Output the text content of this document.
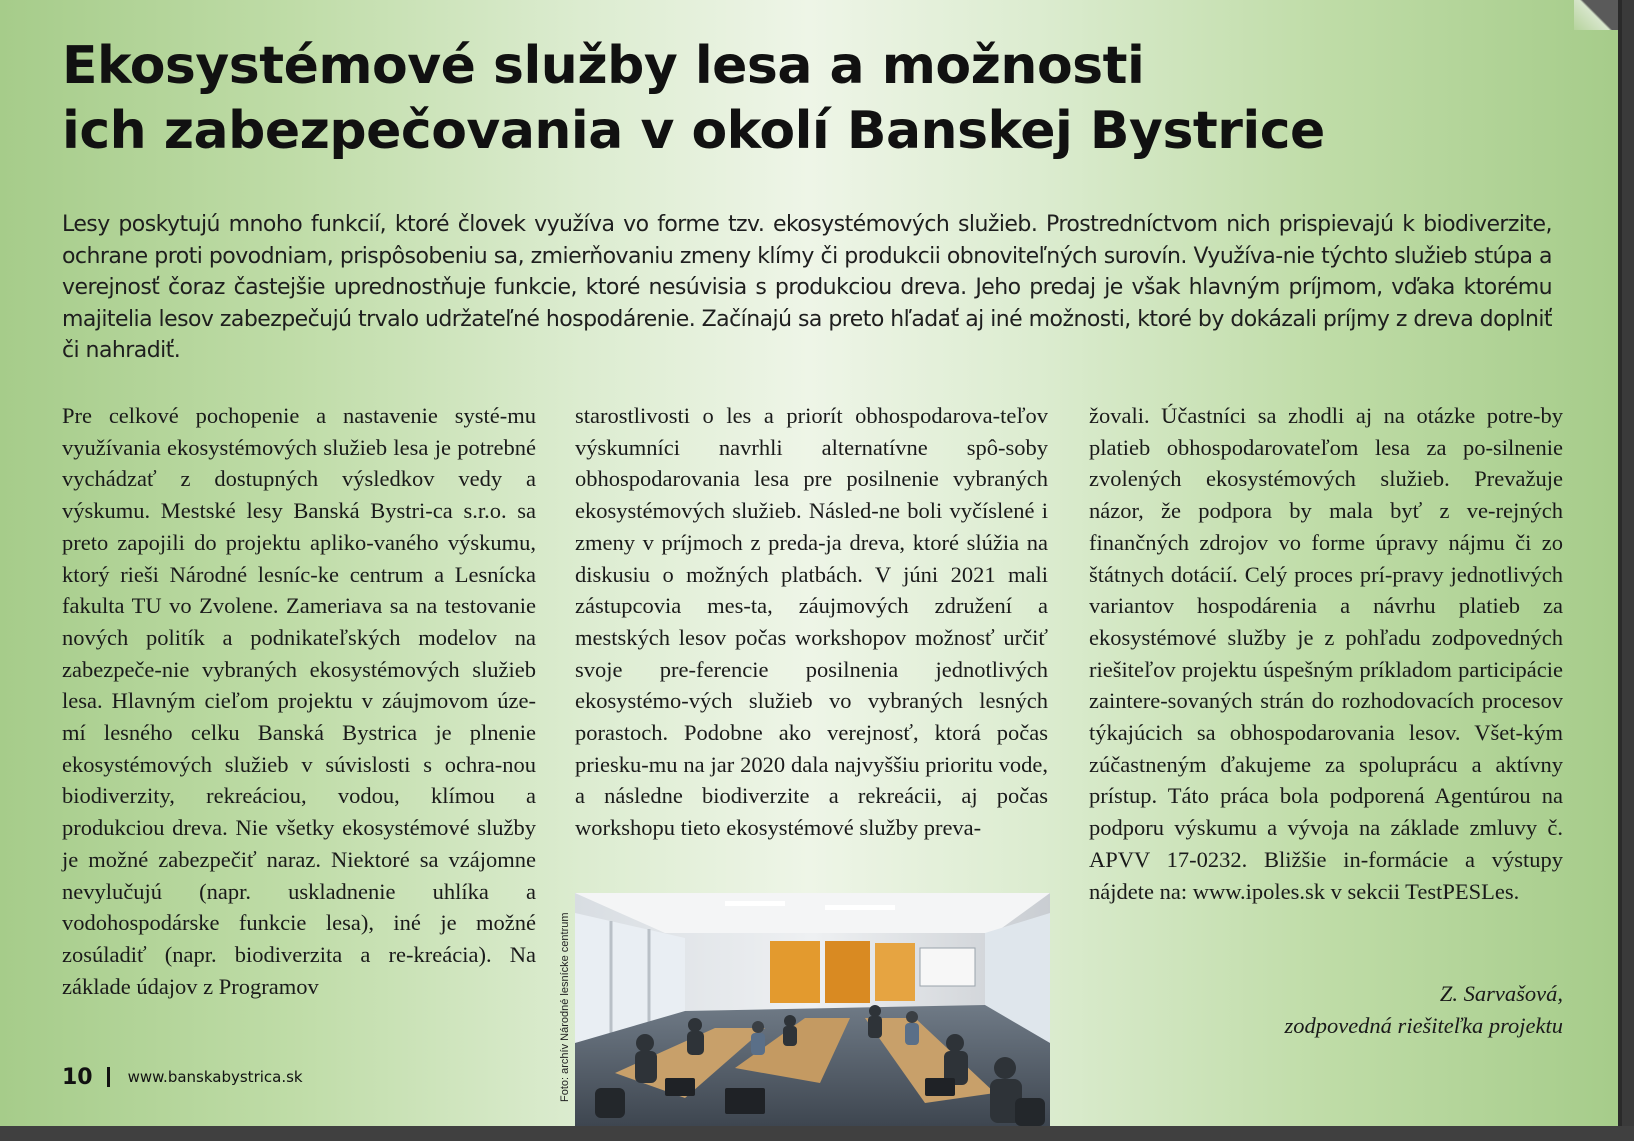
Ekosystémové služby lesa a možnosti
ich zabezpečovania v okolí Banskej Bystrice

Lesy poskytujú mnoho funkcií, ktoré človek využíva vo forme tzv. ekosystémových služieb. Prostredníctvom nich prispievajú k biodiverzite, ochrane proti povodniam, prispôsobeniu sa, zmierňovaniu zmeny klímy či produkcii obnoviteľných surovín. Využíva-nie týchto služieb stúpa a verejnosť čoraz častejšie uprednostňuje funkcie, ktoré nesúvisia s produkciou dreva. Jeho predaj je však hlavným príjmom, vďaka ktorému majitelia lesov zabezpečujú trvalo udržateľné hospodárenie. Začínajú sa preto hľadať aj iné možnosti, ktoré by dokázali príjmy z dreva doplniť či nahradiť.

Pre celkové pochopenie a nastavenie systé-mu využívania ekosystémových služieb lesa je potrebné vychádzať z dostupných výsledkov vedy a výskumu. Mestské lesy Banská Bystri-ca s.r.o. sa preto zapojili do projektu apliko-vaného výskumu, ktorý rieši Národné lesníc-ke centrum a Lesnícka fakulta TU vo Zvolene. Zameriava sa na testovanie nových politík a podnikateľských modelov na zabezpeče-nie vybraných ekosystémových služieb lesa. Hlavným cieľom projektu v záujmovom úze-mí lesného celku Banská Bystrica je plnenie ekosystémových služieb v súvislosti s ochra-nou biodiverzity, rekreáciou, vodou, klímou a produkciou dreva. Nie všetky ekosystémové služby je možné zabezpečiť naraz. Niektoré sa vzájomne nevylučujú (napr. uskladnenie uhlíka a vodohospodárske funkcie lesa), iné je možné zosúladiť (napr. biodiverzita a re-kreácia). Na základe údajov z Programov

starostlivosti o les a priorít obhospodarova-teľov výskumníci navrhli alternatívne spô-soby obhospodarovania lesa pre posilnenie vybraných ekosystémových služieb. Násled-ne boli vyčíslené i zmeny v príjmoch z preda-ja dreva, ktoré slúžia na diskusiu o možných platbách. V júni 2021 mali zástupcovia mes-ta, záujmových združení a mestských lesov počas workshopov možnosť určiť svoje pre-ferencie posilnenia jednotlivých ekosystémo-vých služieb vo vybraných lesných porastoch. Podobne ako verejnosť, ktorá počas priesku-mu na jar 2020 dala najvyššiu prioritu vode, a následne biodiverzite a rekreácii, aj počas workshopu tieto ekosystémové služby preva-

žovali. Účastníci sa zhodli aj na otázke potre-by platieb obhospodarovateľom lesa za po-silnenie zvolených ekosystémových služieb. Prevažuje názor, že podpora by mala byť z ve-rejných finančných zdrojov vo forme úpravy nájmu či zo štátnych dotácií. Celý proces prí-pravy jednotlivých variantov hospodárenia a návrhu platieb za ekosystémové služby je z pohľadu zodpovedných riešiteľov projektu úspešným príkladom participácie zaintere-sovaných strán do rozhodovacích procesov týkajúcich sa obhospodarovania lesov. Všet-kým zúčastneným ďakujeme za spoluprácu a aktívny prístup. Táto práca bola podporená Agentúrou na podporu výskumu a vývoja na základe zmluvy č. APVV 17-0232. Bližšie in-formácie a výstupy nájdete na: www.ipoles.sk v sekcii TestPESLes.

Z. Sarvašová,
zodpovedná riešiteľka projektu
Foto: archív Národné lesnícke centrum
10 www.banskabystrica.sk
